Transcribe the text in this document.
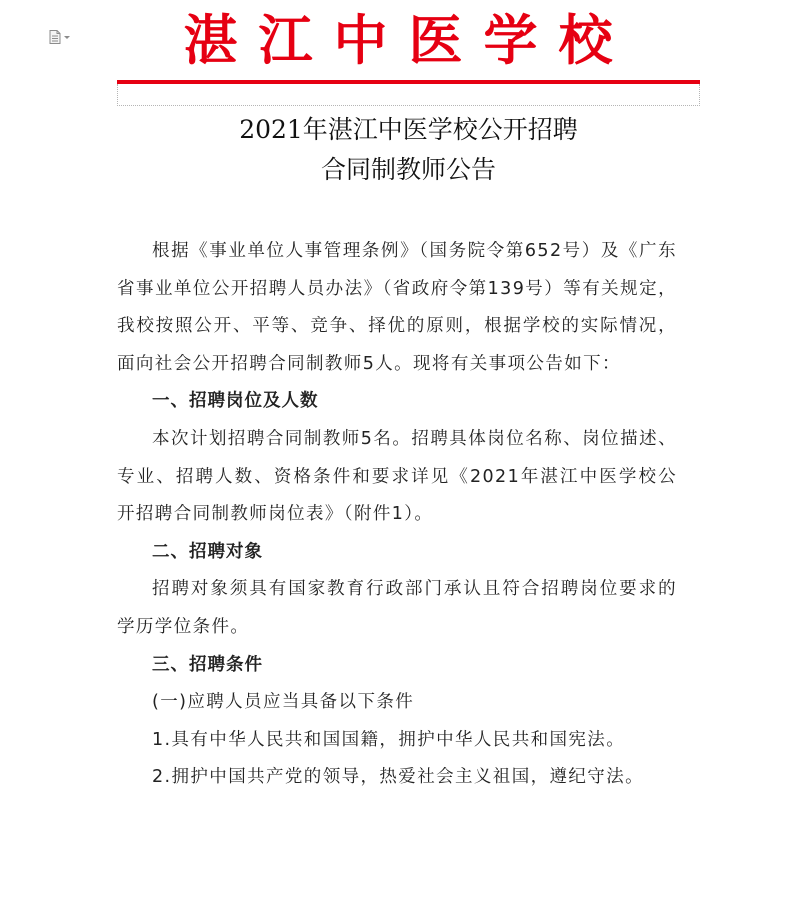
湛江中医学校
2021年湛江中医学校公开招聘
合同制教师公告

根据《事业单位人事管理条例》（国务院令第652号）及《广东省事业单位公开招聘人员办法》（省政府令第139号）等有关规定，我校按照公开、平等、竞争、择优的原则，根据学校的实际情况，面向社会公开招聘合同制教师5人。现将有关事项公告如下：

一、招聘岗位及人数

本次计划招聘合同制教师5名。招聘具体岗位名称、岗位描述、专业、招聘人数、资格条件和要求详见《2021年湛江中医学校公开招聘合同制教师岗位表》（附件1）。

二、招聘对象

招聘对象须具有国家教育行政部门承认且符合招聘岗位要求的学历学位条件。

三、招聘条件

(一)应聘人员应当具备以下条件

1.具有中华人民共和国国籍，拥护中华人民共和国宪法。

2.拥护中国共产党的领导，热爱社会主义祖国，遵纪守法。
